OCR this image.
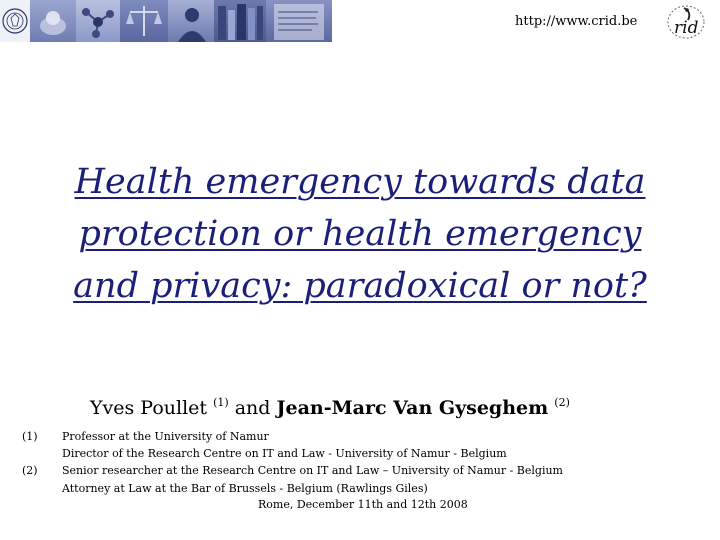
http://www.crid.be rid
Health emergency towards data
protection or health emergency
and privacy: paradoxical or not?
Yves Poullet $^{(1)}$ and Jean-Marc Van Gyseghem $^{(2)}$
(1) Professor at the University of Namur
Director of the Research Centre on IT and Law - University of Namur - Belgium
(2) Senior researcher at the Research Centre on IT and Law – University of Namur - Belgium
Attorney at Law at the Bar of Brussels - Belgium (Rawlings Giles)
Rome, December 11th and 12th 2008
